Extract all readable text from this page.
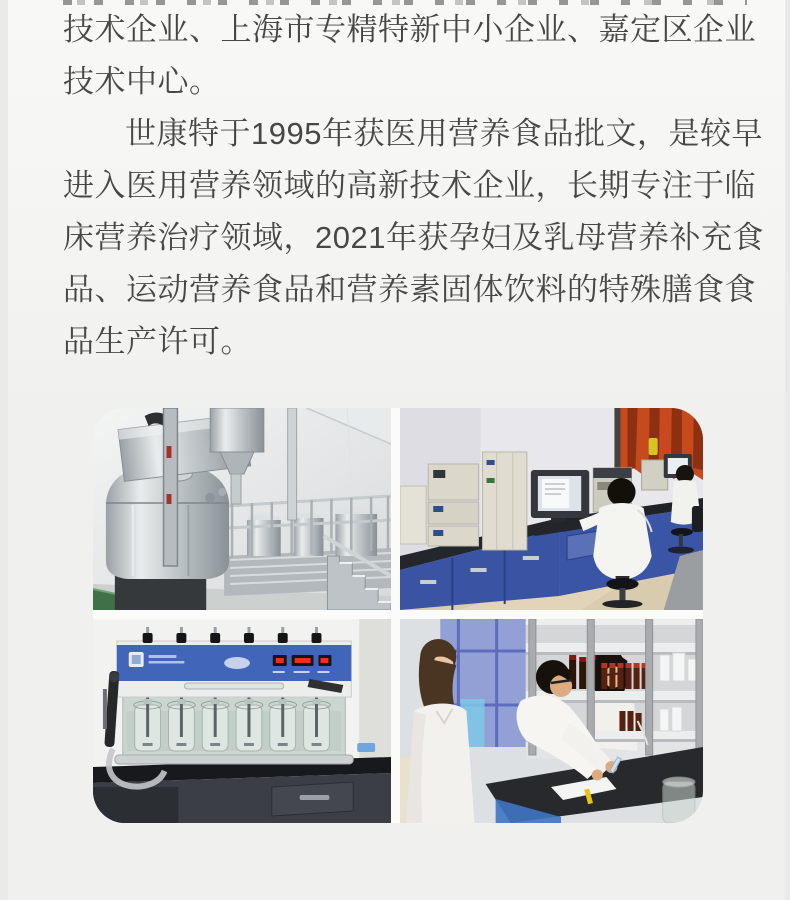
技术企业、上海市专精特新中小企业、嘉定区企业
技术中心。

世康特于1995年获医用营养食品批文，是较早
进入医用营养领域的高新技术企业，长期专注于临
床营养治疗领域，2021年获孕妇及乳母营养补充食
品、运动营养食品和营养素固体饮料的特殊膳食食
品生产许可。
